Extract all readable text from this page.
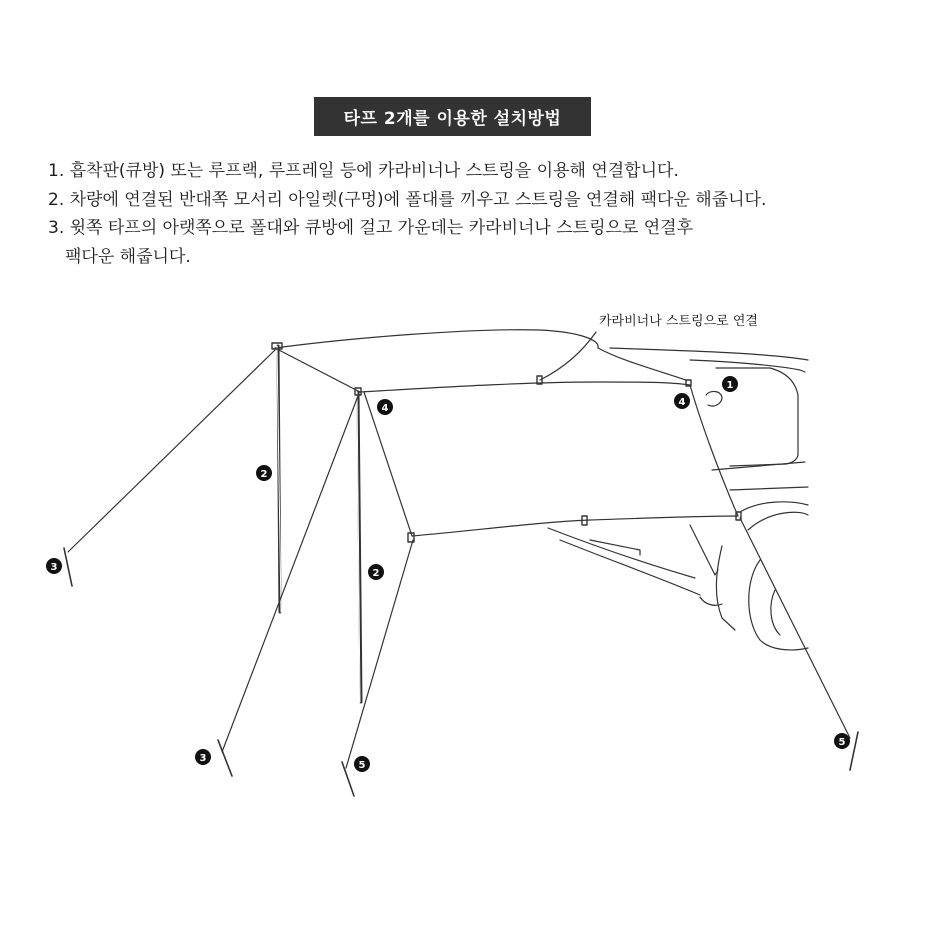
타프 2개를 이용한 설치방법
1. 흡착판(큐방) 또는 루프랙, 루프레일 등에 카라비너나 스트링을 이용해 연결합니다.
2. 차량에 연결된 반대쪽 모서리 아일렛(구멍)에 폴대를 끼우고 스트링을 연결해 팩다운 해줍니다.
3. 윗쪽 타프의 아랫쪽으로 폴대와 큐방에 걸고 가운데는 카라비너나 스트링으로 연결후
팩다운 해줍니다.
카라비너나 스트링으로 연결
1
4
4
2
2
3
3
5
5
